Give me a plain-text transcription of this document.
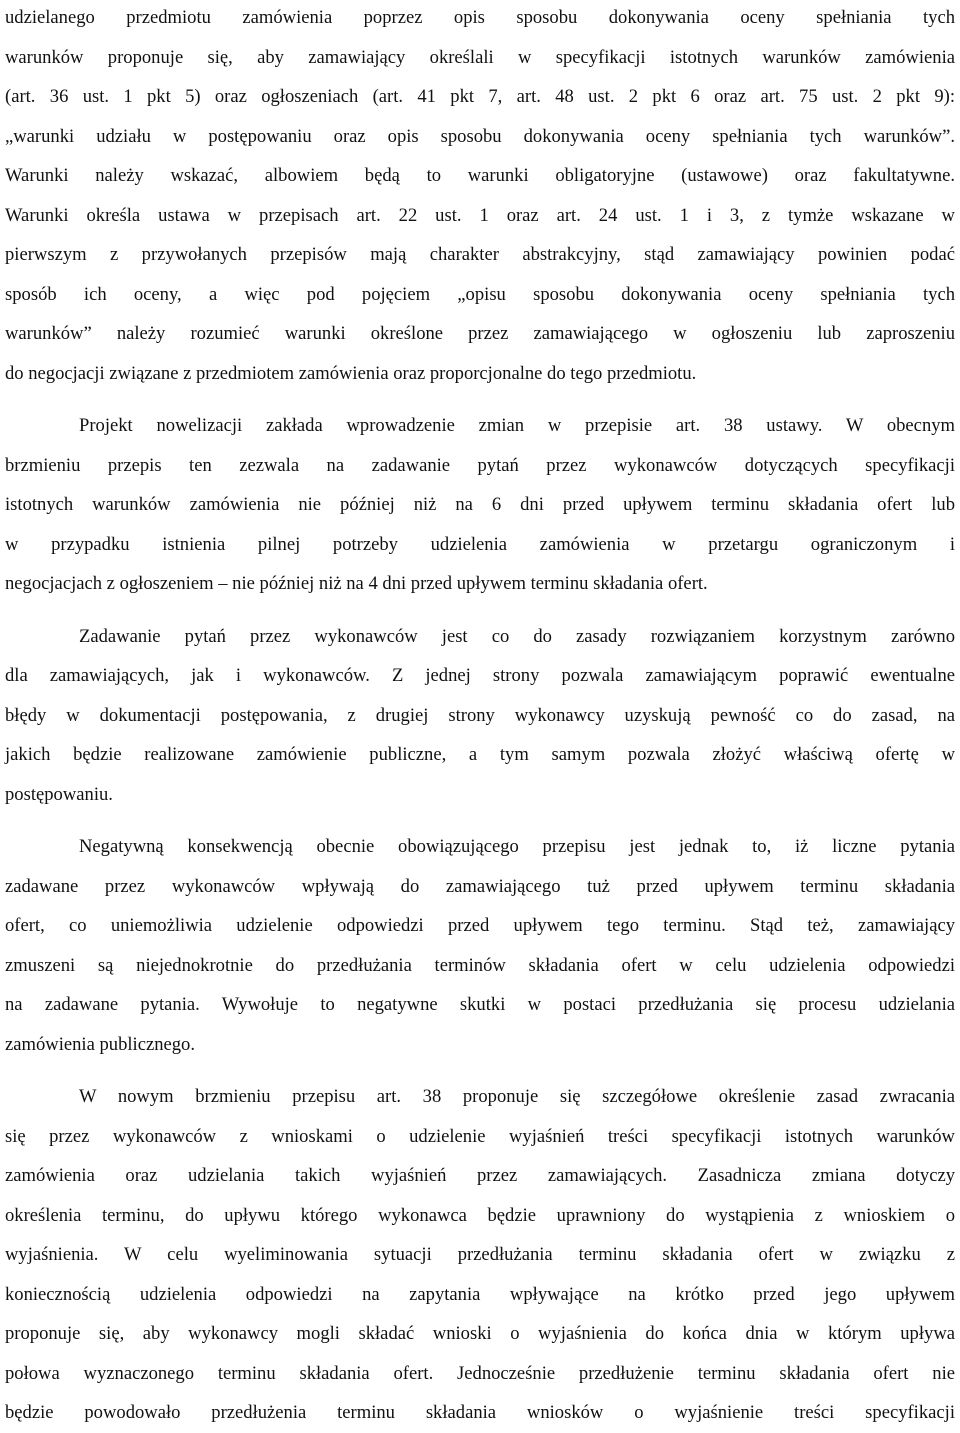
udzielanego przedmiotu zamówienia poprzez opis sposobu dokonywania oceny spełniania tych
warunków proponuje się, aby zamawiający określali w specyfikacji istotnych warunków zamówienia
(art. 36 ust. 1 pkt 5) oraz ogłoszeniach (art. 41 pkt 7, art. 48 ust. 2 pkt 6 oraz art. 75 ust. 2 pkt 9):
„warunki udziału w postępowaniu oraz opis sposobu dokonywania oceny spełniania tych warunków”.
Warunki należy wskazać, albowiem będą to warunki obligatoryjne (ustawowe) oraz fakultatywne.
Warunki określa ustawa w przepisach art. 22 ust. 1 oraz art. 24 ust. 1 i 3, z tymże wskazane w
pierwszym z przywołanych przepisów mają charakter abstrakcyjny, stąd zamawiający powinien podać
sposób ich oceny, a więc pod pojęciem „opisu sposobu dokonywania oceny spełniania tych
warunków” należy rozumieć warunki określone przez zamawiającego w ogłoszeniu lub zaproszeniu
do negocjacji związane z przedmiotem zamówienia oraz proporcjonalne do tego przedmiotu.
Projekt nowelizacji zakłada wprowadzenie zmian w przepisie art. 38 ustawy. W obecnym
brzmieniu przepis ten zezwala na zadawanie pytań przez wykonawców dotyczących specyfikacji
istotnych warunków zamówienia nie później niż na 6 dni przed upływem terminu składania ofert lub
w przypadku istnienia pilnej potrzeby udzielenia zamówienia w przetargu ograniczonym i
negocjacjach z ogłoszeniem – nie później niż na 4 dni przed upływem terminu składania ofert.
Zadawanie pytań przez wykonawców jest co do zasady rozwiązaniem korzystnym zarówno
dla zamawiających, jak i wykonawców. Z jednej strony pozwala zamawiającym poprawić ewentualne
błędy w dokumentacji postępowania, z drugiej strony wykonawcy uzyskują pewność co do zasad, na
jakich będzie realizowane zamówienie publiczne, a tym samym pozwala złożyć właściwą ofertę w
postępowaniu.
Negatywną konsekwencją obecnie obowiązującego przepisu jest jednak to, iż liczne pytania
zadawane przez wykonawców wpływają do zamawiającego tuż przed upływem terminu składania
ofert, co uniemożliwia udzielenie odpowiedzi przed upływem tego terminu. Stąd też, zamawiający
zmuszeni są niejednokrotnie do przedłużania terminów składania ofert w celu udzielenia odpowiedzi
na zadawane pytania. Wywołuje to negatywne skutki w postaci przedłużania się procesu udzielania
zamówienia publicznego.
W nowym brzmieniu przepisu art. 38 proponuje się szczegółowe określenie zasad zwracania
się przez wykonawców z wnioskami o udzielenie wyjaśnień treści specyfikacji istotnych warunków
zamówienia oraz udzielania takich wyjaśnień przez zamawiających. Zasadnicza zmiana dotyczy
określenia terminu, do upływu którego wykonawca będzie uprawniony do wystąpienia z wnioskiem o
wyjaśnienia. W celu wyeliminowania sytuacji przedłużania terminu składania ofert w związku z
koniecznością udzielenia odpowiedzi na zapytania wpływające na krótko przed jego upływem
proponuje się, aby wykonawcy mogli składać wnioski o wyjaśnienia do końca dnia w którym upływa
połowa wyznaczonego terminu składania ofert. Jednocześnie przedłużenie terminu składania ofert nie
będzie powodowało przedłużenia terminu składania wniosków o wyjaśnienie treści specyfikacji
